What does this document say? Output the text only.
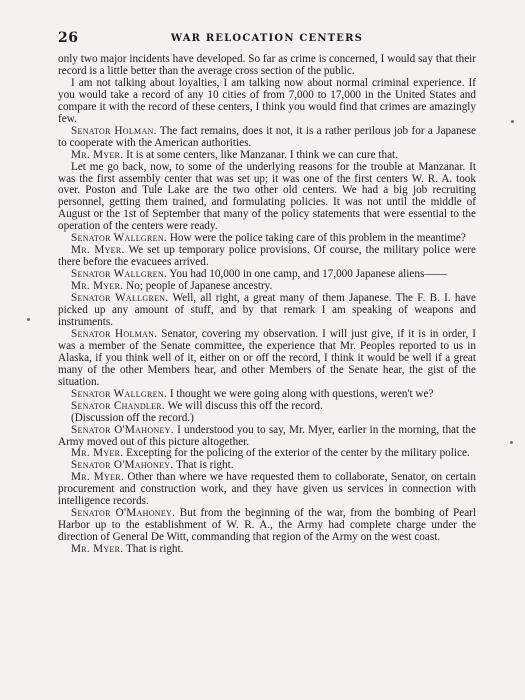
26	WAR RELOCATION CENTERS

only two major incidents have developed. So far as crime is concerned, I would say that their record is a little better than the average cross section of the public.

I am not talking about loyalties, I am talking now about normal criminal experience. If you would take a record of any 10 cities of from 7,000 to 17,000 in the United States and compare it with the record of these centers, I think you would find that crimes are amazingly few.

Senator Holman. The fact remains, does it not, it is a rather perilous job for a Japanese to cooperate with the American authorities.

Mr. Myer. It is at some centers, like Manzanar. I think we can cure that.

Let me go back, now, to some of the underlying reasons for the trouble at Manzanar. It was the first assembly center that was set up; it was one of the first centers W. R. A. took over. Poston and Tule Lake are the two other old centers. We had a big job recruiting personnel, getting them trained, and formulating policies. It was not until the middle of August or the 1st of September that many of the policy statements that were essential to the operation of the centers were ready.

Senator Wallgren. How were the police taking care of this problem in the meantime?

Mr. Myer. We set up temporary police provisions. Of course, the military police were there before the evacuees arrived.

Senator Wallgren. You had 10,000 in one camp, and 17,000 Japanese aliens——

Mr. Myer. No; people of Japanese ancestry.

Senator Wallgren. Well, all right, a great many of them Japanese. The F. B. I. have picked up any amount of stuff, and by that remark I am speaking of weapons and instruments.

Senator Holman. Senator, covering my observation. I will just give, if it is in order, I was a member of the Senate committee, the experience that Mr. Peoples reported to us in Alaska, if you think well of it, either on or off the record, I think it would be well if a great many of the other Members hear, and other Members of the Senate hear, the gist of the situation.

Senator Wallgren. I thought we were going along with questions, weren't we?

Senator Chandler. We will discuss this off the record.

(Discussion off the record.)

Senator O'Mahoney. I understood you to say, Mr. Myer, earlier in the morning, that the Army moved out of this picture altogether.

Mr. Myer. Excepting for the policing of the exterior of the center by the military police.

Senator O'Mahoney. That is right.

Mr. Myer. Other than where we have requested them to collaborate, Senator, on certain procurement and construction work, and they have given us services in connection with intelligence records.

Senator O'Mahoney. But from the beginning of the war, from the bombing of Pearl Harbor up to the establishment of W. R. A., the Army had complete charge under the direction of General De Witt, commanding that region of the Army on the west coast.

Mr. Myer. That is right.
